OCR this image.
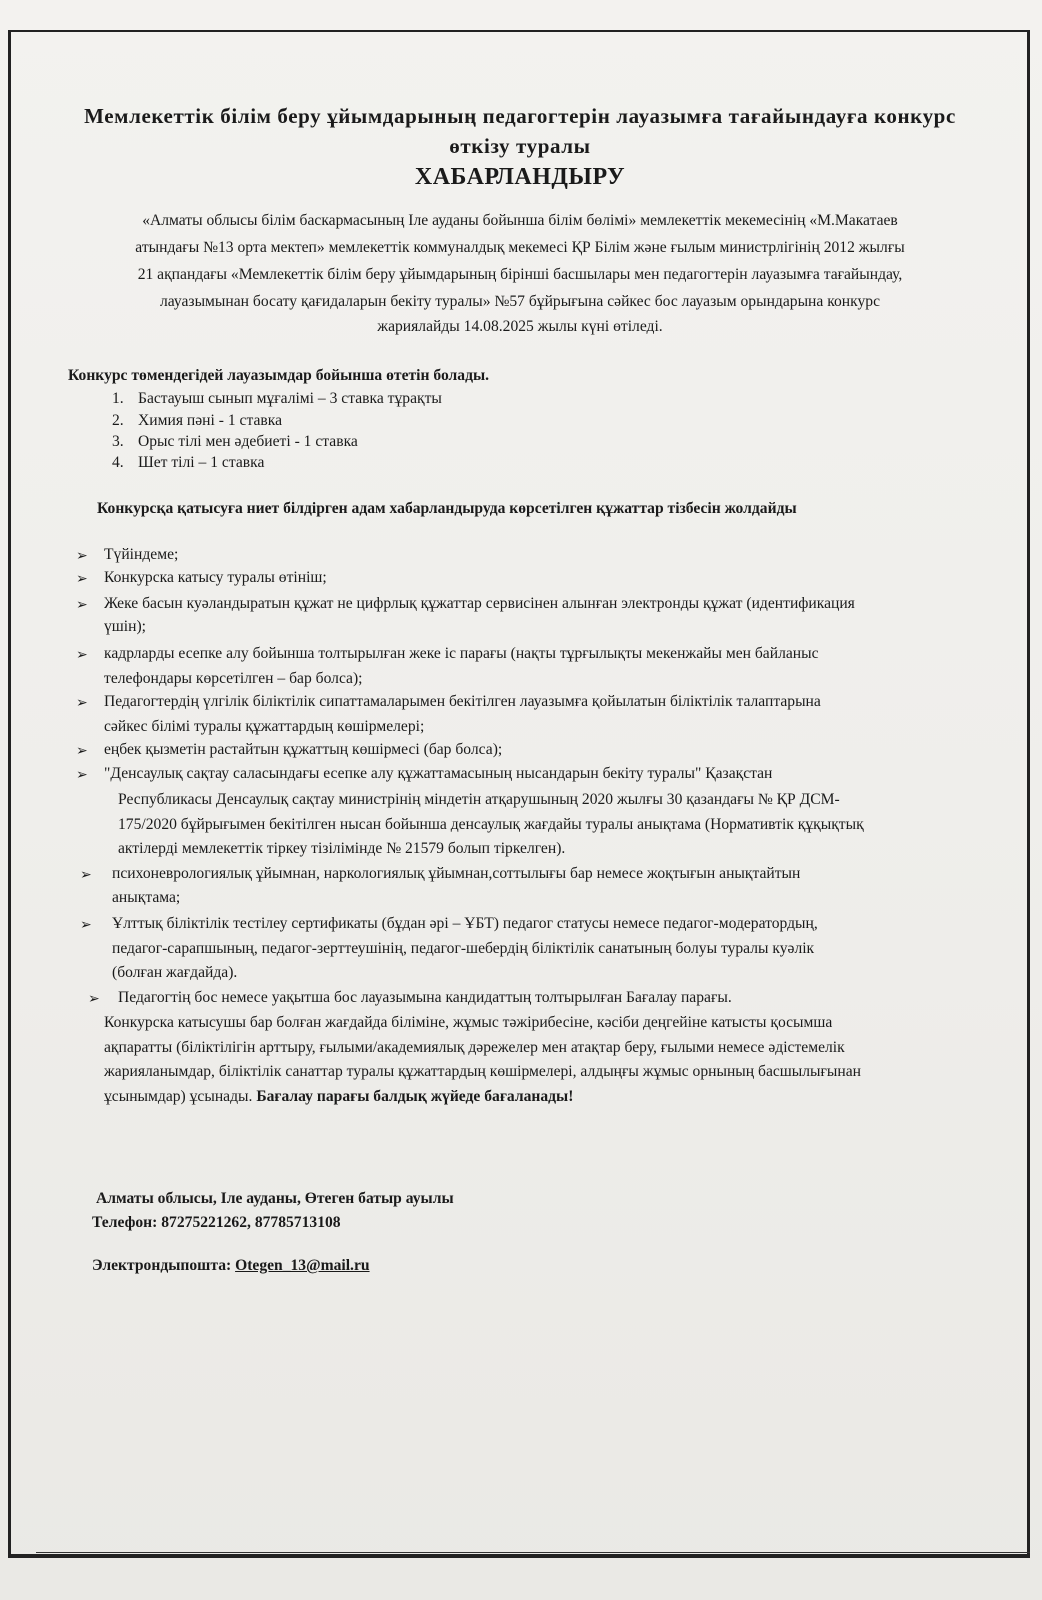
Мемлекеттік білім беру ұйымдарының педагогтерін лауазымға тағайындауға конкурс

өткізу туралы

ХАБАРЛАНДЫРУ

«Алматы облысы білім баскармасының Іле ауданы бойынша білім бөлімі» мемлекеттік мекемесінің «М.Макатаев

атындағы №13 орта мектеп» мемлекеттік коммуналдық мекемесі ҚР Білім және ғылым министрлігінің 2012 жылғы

21 ақпандағы «Мемлекеттік білім беру ұйымдарының бірінші басшылары мен педагогтерін лауазымға тағайындау,

лауазымынан босату қағидаларын бекіту туралы» №57 бұйрығына сәйкес бос лауазым орындарына конкурс

жариялайды 14.08.2025 жылы күні өтіледі.

Конкурс төмендегідей лауазымдар бойынша өтетін болады.

1. Бастауыш сынып мұғалімі – 3 ставка тұрақты

2. Химия пәні - 1 ставка

3. Орыс тілі мен әдебиеті - 1 ставка

4. Шет тілі – 1 ставка

Конкурсқа қатысуға ниет білдірген адам хабарландыруда көрсетілген құжаттар тізбесін жолдайды

➢ Түйіндеме;

➢ Конкурска катысу туралы өтініш;

➢ Жеке басын куәландыратын құжат не цифрлық құжаттар сервисінен алынған электронды құжат (идентификация

үшін);

➢ кадрларды есепке алу бойынша толтырылған жеке іс парағы (нақты тұрғылықты мекенжайы мен байланыс

телефондары көрсетілген – бар болса);

➢ Педагогтердің үлгілік біліктілік сипаттамаларымен бекітілген лауазымға қойылатын біліктілік талаптарына

сәйкес білімі туралы құжаттардың көшірмелері;

➢ еңбек қызметін растайтын құжаттың көшірмесі (бар болса);

➢ "Денсаулық сақтау саласындағы есепке алу құжаттамасының нысандарын бекіту туралы" Қазақстан

Республикасы Денсаулық сақтау министрінің міндетін атқарушының 2020 жылғы 30 қазандағы № ҚР ДСМ-

175/2020 бұйрығымен бекітілген нысан бойынша денсаулық жағдайы туралы анықтама (Нормативтік құқықтық

актілерді мемлекеттік тіркеу тізілімінде № 21579 болып тіркелген).

➢ психоневрологиялық ұйымнан, наркологиялық ұйымнан,соттылығы бар немесе жоқтығын анықтайтын

анықтама;

➢ Ұлттық біліктілік тестілеу сертификаты (бұдан әрі – ҰБТ) педагог статусы немесе педагог-модератордың,

педагог-сарапшының, педагог-зерттеушінің, педагог-шебердің біліктілік санатының болуы туралы куәлік

(болған жағдайда).

➢ Педагогтің бос немесе уақытша бос лауазымына кандидаттың толтырылған Бағалау парағы.

Конкурска катысушы бар болған жағдайда біліміне, жұмыс тәжірибесіне, кәсіби деңгейіне катысты қосымша

ақпаратты (біліктілігін арттыру, ғылыми/академиялық дәрежелер мен атақтар беру, ғылыми немесе әдістемелік

жарияланымдар, біліктілік санаттар туралы құжаттардың көшірмелері, алдыңғы жұмыс орнының басшылығынан

ұсынымдар) ұсынады. Бағалау парағы балдық жүйеде бағаланады!

Алматы облысы, Іле ауданы, Өтеген батыр ауылы

Телефон: 87275221262, 87785713108

Электрондыпошта: Otegen_13@mail.ru
